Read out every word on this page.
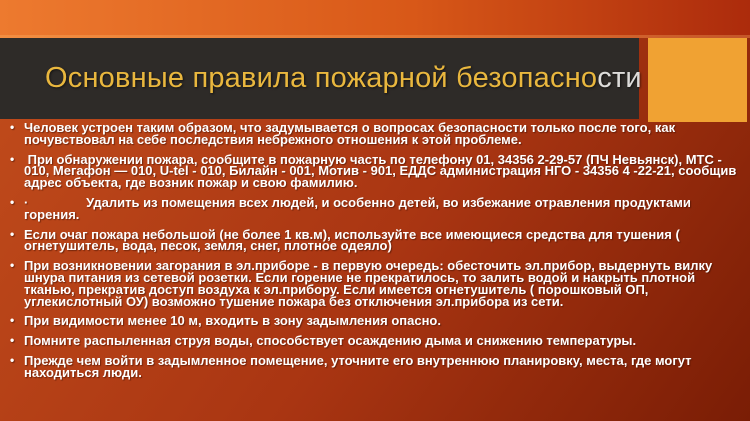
Основные правила пожарной безопасности
• Человек устроен таким образом, что задумывается о вопросах безопасности только после того, как почувствовал на себе последствия небрежного отношения к этой проблеме.
•  При обнаружении пожара, сообщите в пожарную часть по телефону 01, 34356 2-29-57 (ПЧ Невьянск), МТС - 010, Мегафон — 010, U-tel - 010, Билайн - 001, Мотив - 901, ЕДДС администрация НГО - 34356 4 -22-21, сообщив адрес объекта, где возник пожар и свою фамилию.
• ·                Удалить из помещения всех людей, и особенно детей, во избежание отравления продуктами горения.
• Если очаг пожара небольшой (не более 1 кв.м), используйте все имеющиеся средства для тушения ( огнетушитель, вода, песок, земля, снег, плотное одеяло)
• При возникновении загорания в эл.приборе - в первую очередь: обесточить эл.прибор, выдернуть вилку шнура питания из сетевой розетки. Если горение не прекратилось, то залить водой и накрыть плотной тканью, прекратив доступ воздуха к эл.прибору. Если имеется огнетушитель ( порошковый ОП, углекислотный ОУ) возможно тушение пожара без отключения эл.прибора из сети.
• При видимости менее 10 м, входить в зону задымления опасно.
• Помните распыленная струя воды, способствует осаждению дыма и снижению температуры.
• Прежде чем войти в задымленное помещение, уточните его внутреннюю планировку, места, где могут находиться люди.
